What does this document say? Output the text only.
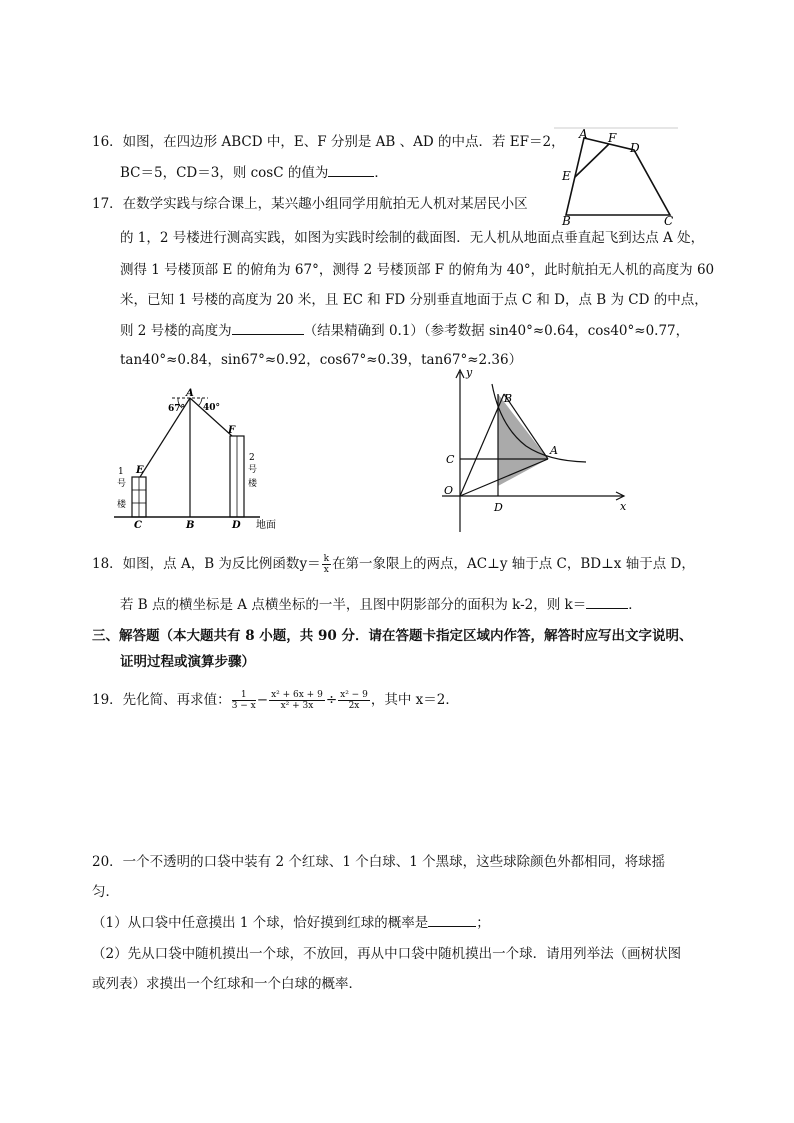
16．如图，在四边形 ABCD 中，E、F 分别是 AB 、AD 的中点．若 EF＝2，
BC＝5，CD＝3，则 cosC 的值为	．
A F
D
E
B	C
17．在数学实践与综合课上，某兴趣小组同学用航拍无人机对某居民小区
的 1，2 号楼进行测高实践，如图为实践时绘制的截面图．无人机从地面点垂直起飞到达点 A 处，
测得 1 号楼顶部 E 的俯角为 67°，测得 2 号楼顶部 F 的俯角为 40°，此时航拍无人机的高度为 60
米，已知 1 号楼的高度为 20 米，且 EC 和 FD 分别垂直地面于点 C 和 D，点 B 为 CD 的中点，
则 2 号楼的高度为	（结果精确到 0.1）（参考数据 sin40°≈0.64，cos40°≈0.77，
tan40°≈0.84，sin67°≈0.92，cos67°≈0.39，tan67°≈2.36）
A
67° 40°
E
F
1
号
楼
2
号
楼
C	B	D 地面
y
x
B
C
A
O
D
18．如图，点 A，B 为反比例函数$y= \frac{k}{x}$ 在第一象限上的两点，AC⊥y 轴于点 C，BD⊥x 轴于点 D，
若 B 点的横坐标是 A 点横坐标的一半，且图中阴影部分的面积为 k-2，则 k＝	．
三、解答题（本大题共有 8 小题，共 90 分．请在答题卡指定区域内作答，解答时应写出文字说明、
证明过程或演算步骤）
19．先化简、再求值： $\frac{1}{3 - x} - \frac{\text{x² + 6x + 9}}{\text{x² + 3x}} \div \frac{\text{x² − 9}}{2x}$ ，其中 x＝2．
20．一个不透明的口袋中装有 2 个红球、1 个白球、1 个黑球，这些球除颜色外都相同，将球摇
匀．
（1）从口袋中任意摸出 1 个球，恰好摸到红球的概率是	；
（2）先从口袋中随机摸出一个球，不放回，再从中口袋中随机摸出一个球．请用列举法（画树状图
或列表）求摸出一个红球和一个白球的概率．
